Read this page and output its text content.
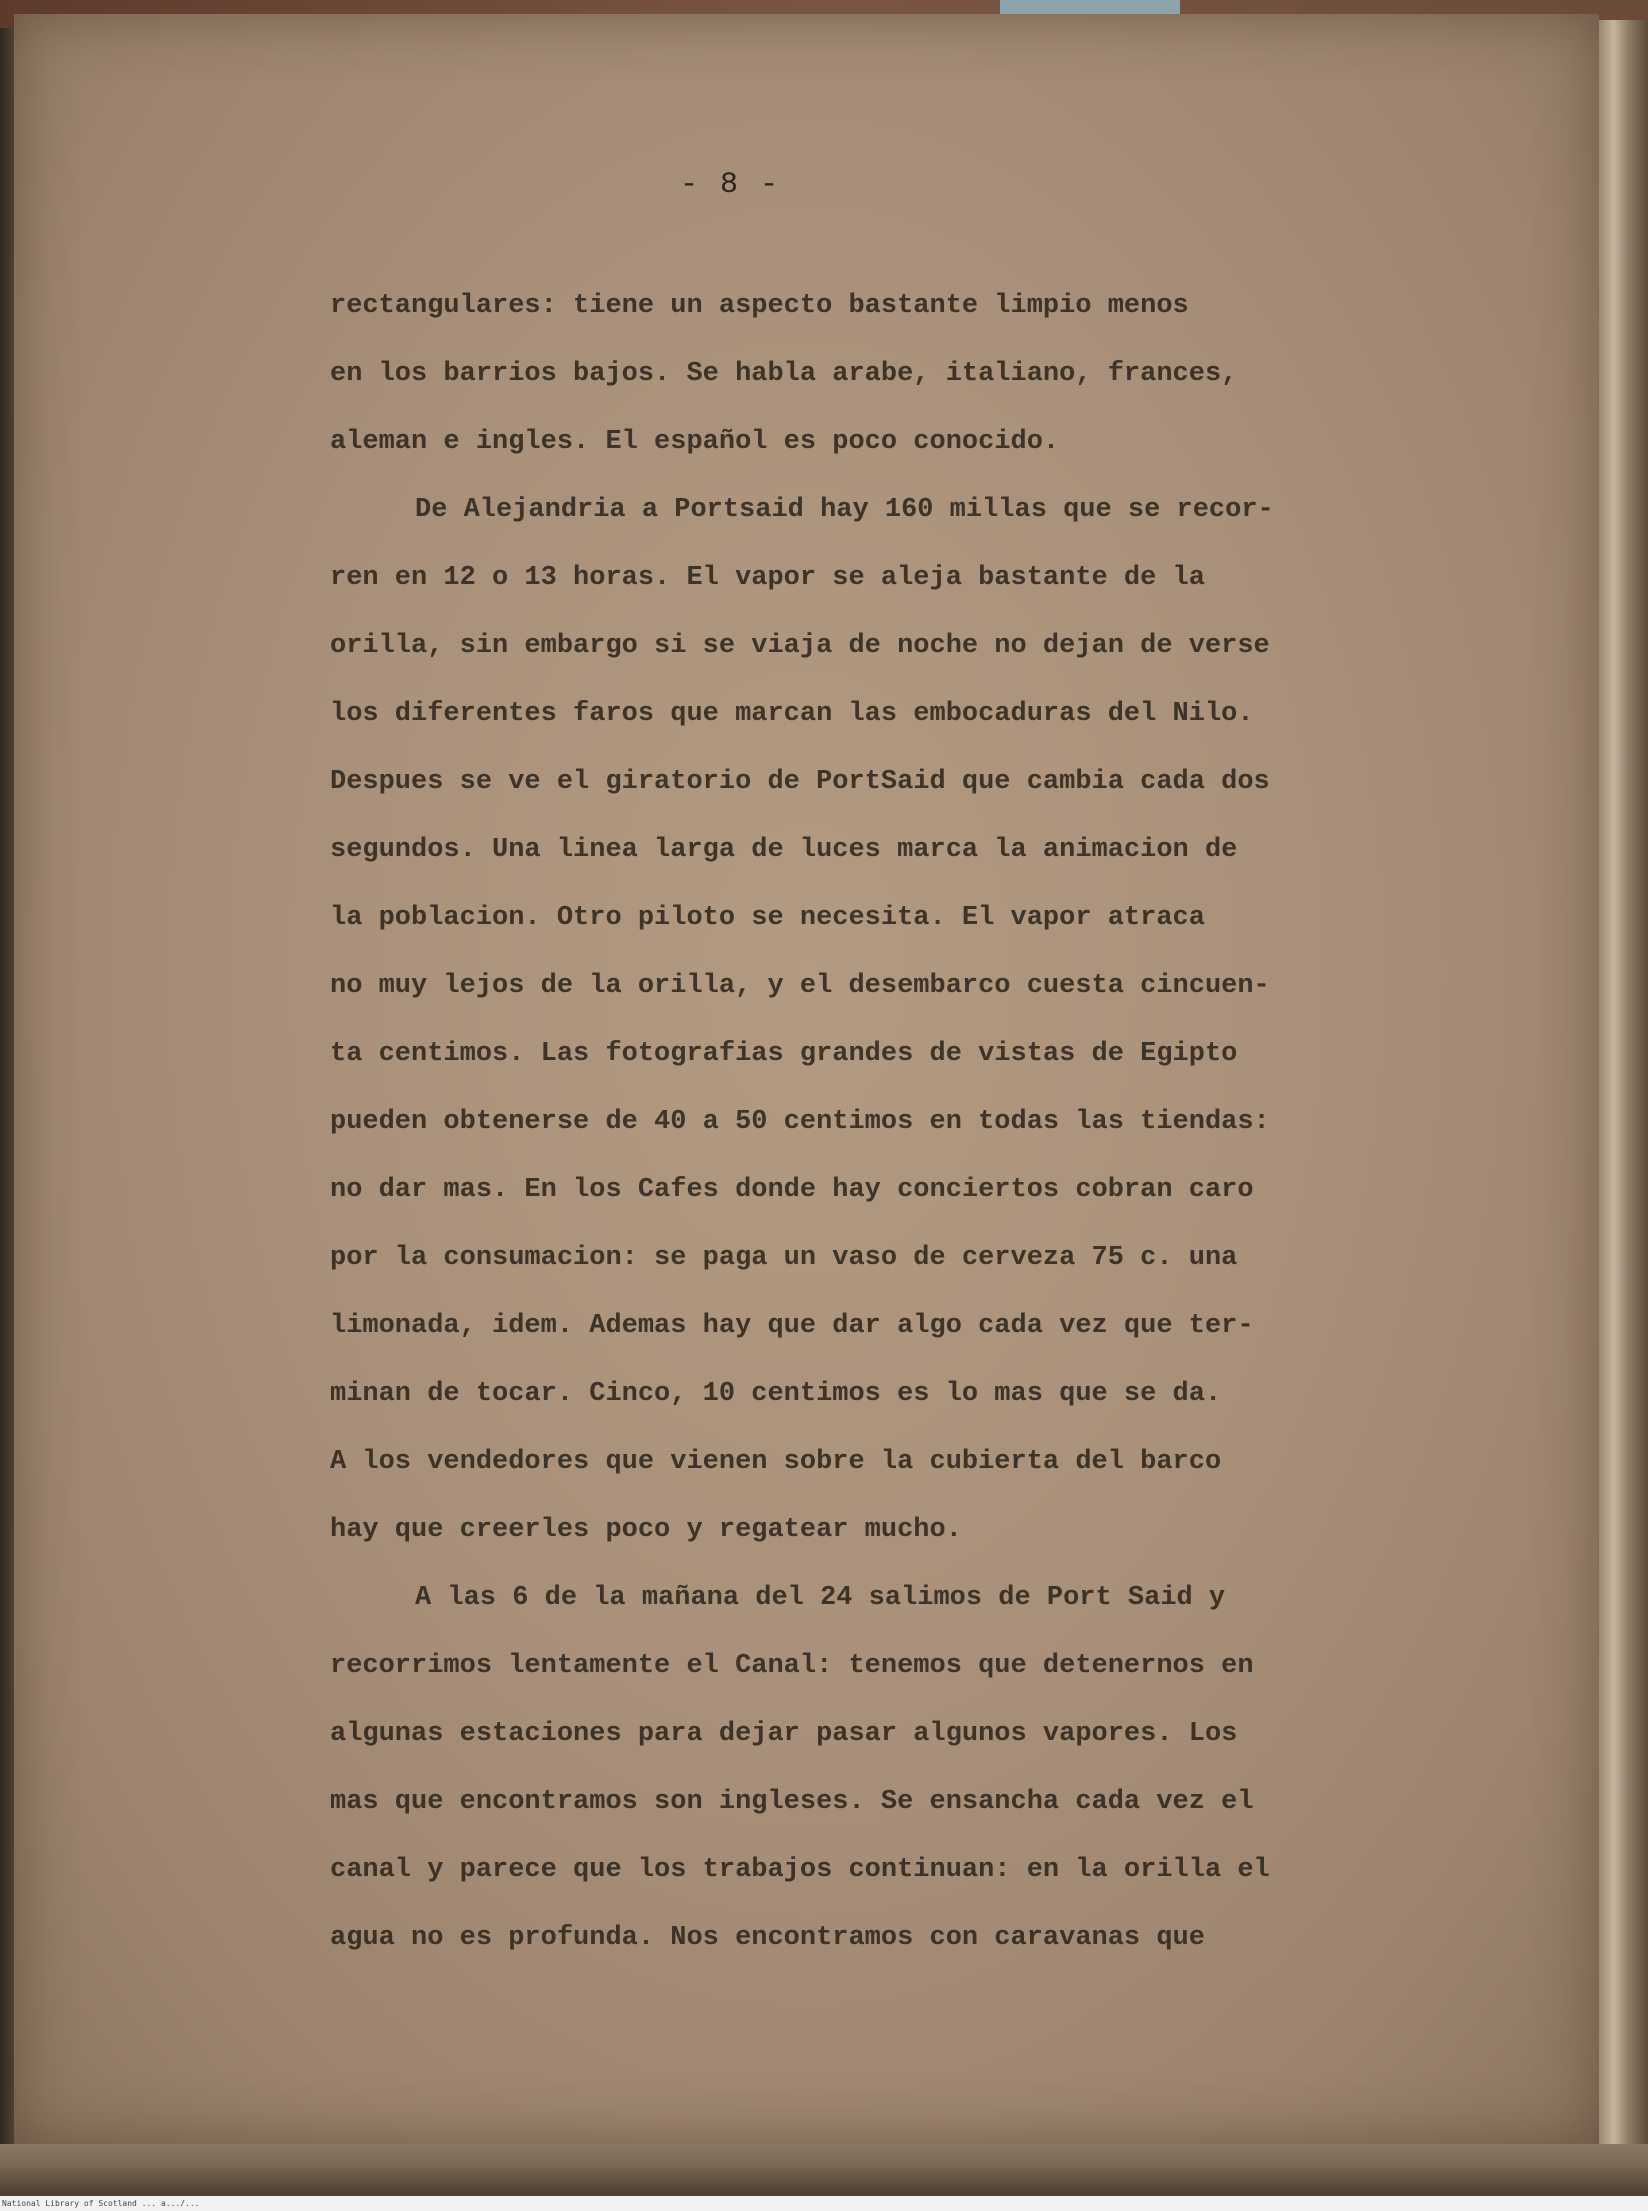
- 8 -
rectangulares: tiene un aspecto bastante limpio menos
en los barrios bajos. Se habla arabe, italiano, frances,
aleman e ingles. El español es poco conocido.
De Alejandria a Portsaid hay 160 millas que se recor-
ren en 12 o 13 horas. El vapor se aleja bastante de la
orilla, sin embargo si se viaja de noche no dejan de verse
los diferentes faros que marcan las embocaduras del Nilo.
Despues se ve el giratorio de PortSaid que cambia cada dos
segundos. Una linea larga de luces marca la animacion de
la poblacion. Otro piloto se necesita. El vapor atraca
no muy lejos de la orilla, y el desembarco cuesta cincuen-
ta centimos. Las fotografias grandes de vistas de Egipto
pueden obtenerse de 40 a 50 centimos en todas las tiendas:
no dar mas. En los Cafes donde hay conciertos cobran caro
por la consumacion: se paga un vaso de cerveza 75 c. una
limonada, idem. Ademas hay que dar algo cada vez que ter-
minan de tocar. Cinco, 10 centimos es lo mas que se da.
A los vendedores que vienen sobre la cubierta del barco
hay que creerles poco y regatear mucho.
A las 6 de la mañana del 24 salimos de Port Said y
recorrimos lentamente el Canal: tenemos que detenernos en
algunas estaciones para dejar pasar algunos vapores. Los
mas que encontramos son ingleses. Se ensancha cada vez el
canal y parece que los trabajos continuan: en la orilla el
agua no es profunda. Nos encontramos con caravanas que
National Library of Scotland ... a.../...
